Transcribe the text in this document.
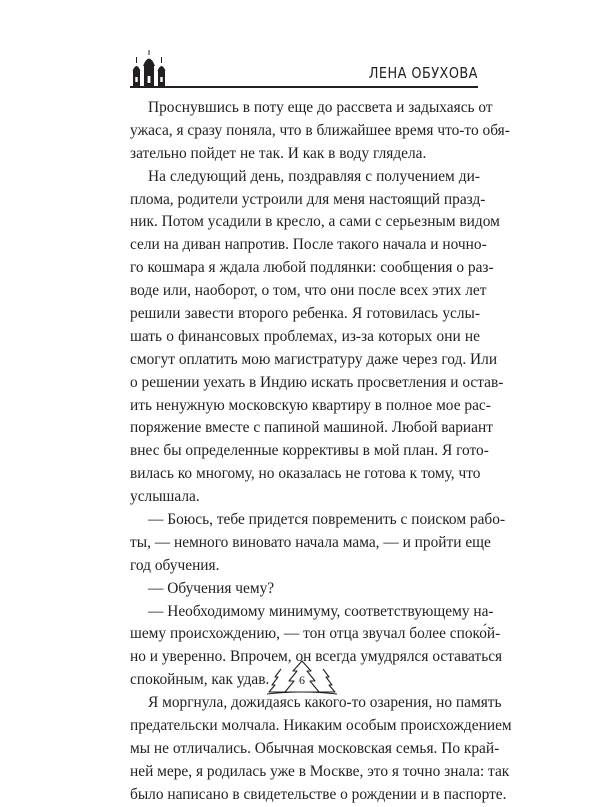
ЛЕНА ОБУХОВА
Проснувшись в поту еще до рассвета и задыхаясь от
ужаса, я сразу поняла, что в ближайшее время что-то обя-
зательно пойдет не так. И как в воду глядела.
На следующий день, поздравляя с получением ди-
плома, родители устроили для меня настоящий празд-
ник. Потом усадили в кресло, а сами с серьезным видом
сели на диван напротив. После такого начала и ночно-
го кошмара я ждала любой подлянки: сообщения о раз-
воде или, наоборот, о том, что они после всех этих лет
решили завести второго ребенка. Я готовилась услы-
шать о финансовых проблемах, из-за которых они не
смогут оплатить мою магистратуру даже через год. Или
о решении уехать в Индию искать просветления и остав-
ить ненужную московскую квартиру в полное мое рас-
поряжение вместе с папиной машиной. Любой вариант
внес бы определенные коррективы в мой план. Я гото-
вилась ко многому, но оказалась не готова к тому, что
услышала.
— Боюсь, тебе придется повременить с поиском рабо-
ты, — немного виновато начала мама, — и пройти еще
год обучения.
— Обучения чему?
— Необходимому минимуму, соответствующему на-
шему происхождению, — тон отца звучал более споко́й-
но и уверенно. Впрочем, он всегда умудрялся оставаться
спокойным, как удав.
Я моргнула, дожидаясь какого-то озарения, но память
предательски молчала. Никаким особым происхождением
мы не отличались. Обычная московская семья. По край-
ней мере, я родилась уже в Москве, это я точно знала: так
было написано в свидетельстве о рождении и в паспорте.
6
